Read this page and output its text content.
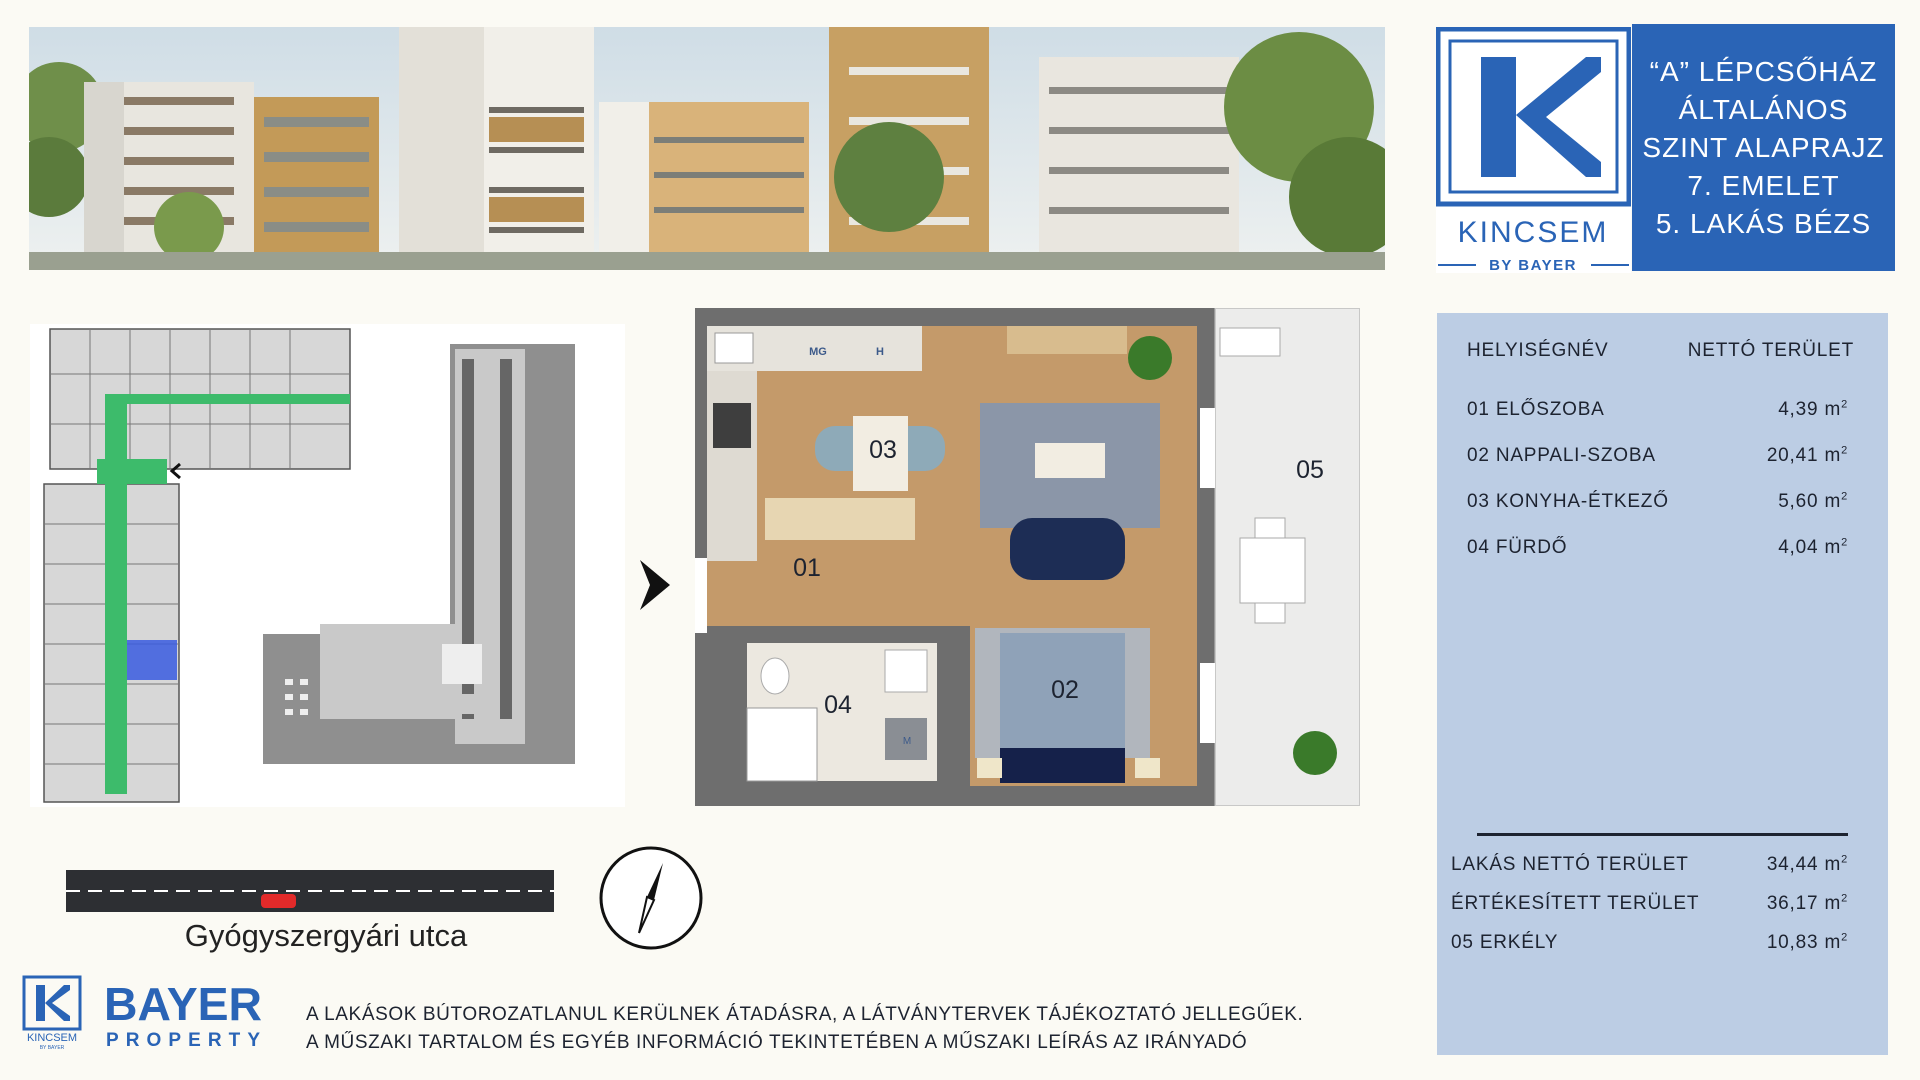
KINCSEM
BY BAYER
“A” LÉPCSŐHÁZ
ÁLTALÁNOS
SZINT ALAPRAJZ
7. EMELET
5. LAKÁS BÉZS
MG	H
03
02
M
04
01
05
Gyógyszergyári utca
KINCSEM
BY BAYER
BAYER
PROPERTY
A LAKÁSOK BÚTOROZATLANUL KERÜLNEK ÁTADÁSRA, A LÁTVÁNYTERVEK TÁJÉKOZTATÓ JELLEGŰEK.
A MŰSZAKI TARTALOM ÉS EGYÉB INFORMÁCIÓ TEKINTETÉBEN A MŰSZAKI LEÍRÁS AZ IRÁNYADÓ
HELYISÉGNÉV	NETTÓ TERÜLET
01 ELŐSZOBA	4,39 $m^2$
02 NAPPALI-SZOBA	20,41 $m^2$
03 KONYHA-ÉTKEZŐ	5,60 $m^2$
04 FÜRDŐ	4,04 $m^2$
LAKÁS NETTÓ TERÜLET	34,44 $m^2$
ÉRTÉKESÍTETT TERÜLET	36,17 $m^2$
05 ERKÉLY	10,83 $m^2$
